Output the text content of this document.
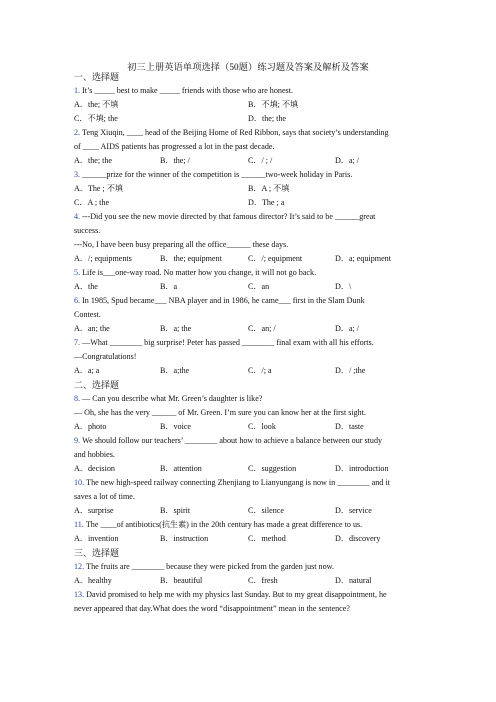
初三上册英语单项选择（50题）练习题及答案及解析及答案
一、选择题
1. It’s _____ best to make _____ friends with those who are honest.
A．the; 不填	B．不填; 不填
C．不填; the	D．the; the
2. Teng Xiuqin, ____ head of the Beijing Home of Red Ribbon, says that society’s understanding
of ____ AIDS patients has progressed a lot in the past decade.
A．the; the	B．the; /	C．/ ; /	D．a; /
3. ______prize for the winner of the competition is ______two-week holiday in Paris.
A．The ; 不填	B．A ; 不填
C．A ; the	D．The ; a
4. ---Did you see the new movie directed by that famous director? It’s said to be ______great
success.
---No, I have been busy preparing all the office______ these days.
A．/; equipments	B．the; equipment	C．/; equipment	D．a; equipment
5. Life is___one-way road. No matter how you change, it will not go back.
A．the	B．a	C．an	D．\
6. In 1985, Spud became___ NBA player and in 1986, he came___ first in the Slam Dunk
Contest.
A．an; the	B．a; the	C．an; /	D．a; /
7. —What ________ big surprise! Peter has passed ________ final exam with all his efforts.
—Congratulations!
A．a; a	B．a;the	C．/; a	D．/ ;the
二、选择题
8. — Can you describe what Mr. Green’s daughter is like?
— Oh, she has the very ______ of Mr. Green. I’m sure you can know her at the first sight.
A．photo	B．voice	C．look	D．taste
9. We should follow our teachers’ ________ about how to achieve a balance between our study
and hobbies.
A．decision	B．attention	C．suggestion	D．introduction
10. The new high-speed railway connecting Zhenjiang to Lianyungang is now in ________ and it
saves a lot of time.
A．surprise	B．spirit	C．silence	D．service
11. The ____of antibiotics(抗生素) in the 20th century has made a great difference to us.
A．invention	B．instruction	C．method	D．discovery
三、选择题
12. The fruits are ________ because they were picked from the garden just now.
A．healthy	B．beautiful	C．fresh	D．natural
13. David promised to help me with my physics last Sunday. But to my great disappointment, he
never appeared that day.What does the word “disappointment” mean in the sentence?
